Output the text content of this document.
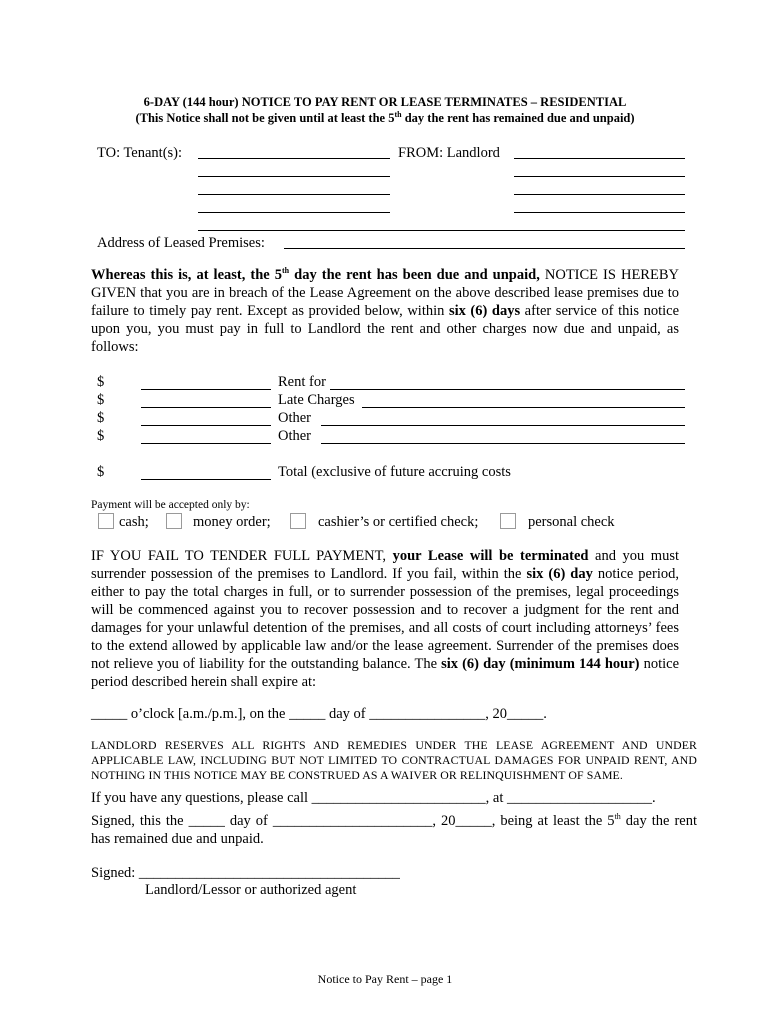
6-DAY (144 hour) NOTICE TO PAY RENT OR LEASE TERMINATES – RESIDENTIAL
(This Notice shall not be given until at least the 5th day the rent has remained due and unpaid)
TO: Tenant(s):	FROM: Landlord
Address of Leased Premises:
Whereas this is, at least, the 5th day the rent has been due and unpaid, NOTICE IS HEREBY GIVEN that you are in breach of the Lease Agreement on the above described lease premises due to failure to timely pay rent. Except as provided below, within six (6) days after service of this notice upon you, you must pay in full to Landlord the rent and other charges now due and unpaid, as follows:
$	Rent for
$	Late Charges
$	Other
$	Other
$	Total (exclusive of future accruing costs
Payment will be accepted only by:
cash;	money order;	cashier’s or certified check;	personal check
IF YOU FAIL TO TENDER FULL PAYMENT, your Lease will be terminated and you must surrender possession of the premises to Landlord. If you fail, within the six (6) day notice period, either to pay the total charges in full, or to surrender possession of the premises, legal proceedings will be commenced against you to recover possession and to recover a judgment for the rent and damages for your unlawful detention of the premises, and all costs of court including attorneys’ fees to the extend allowed by applicable law and/or the lease agreement. Surrender of the premises does not relieve you of liability for the outstanding balance. The six (6) day (minimum 144 hour) notice period described herein shall expire at:
_____ o’clock [a.m./p.m.], on the _____ day of ________________, 20_____.
LANDLORD RESERVES ALL RIGHTS AND REMEDIES UNDER THE LEASE AGREEMENT AND UNDER APPLICABLE LAW, INCLUDING BUT NOT LIMITED TO CONTRACTUAL DAMAGES FOR UNPAID RENT, AND NOTHING IN THIS NOTICE MAY BE CONSTRUED AS A WAIVER OR RELINQUISHMENT OF SAME.
If you have any questions, please call ________________________, at ____________________.
Signed, this the _____ day of ______________________, 20_____, being at least the 5th day the rent has remained due and unpaid.
Signed: ____________________________________
Landlord/Lessor or authorized agent
Notice to Pay Rent – page 1
